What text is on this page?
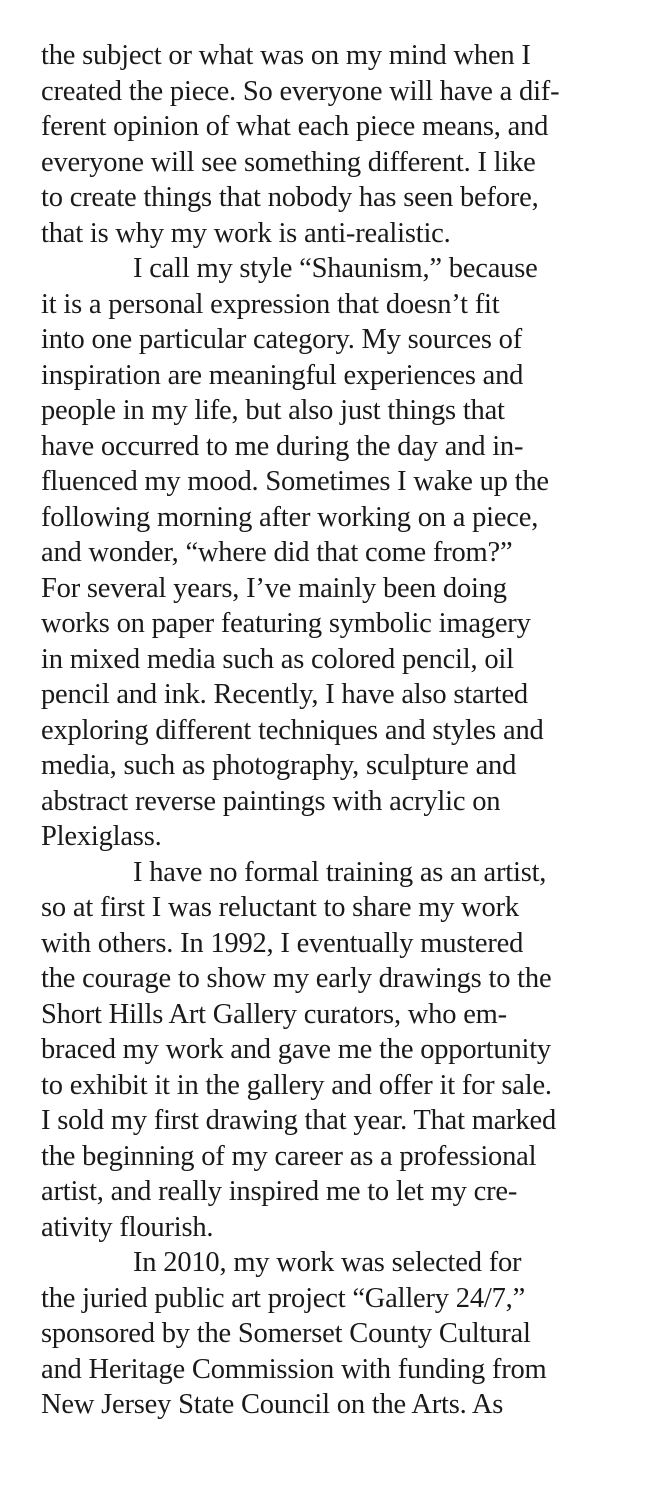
the subject or what was on my mind when I
created the piece. So everyone will have a dif-
ferent opinion of what each piece means, and
everyone will see something different. I like
to create things that nobody has seen before,
that is why my work is anti-realistic.
I call my style “Shaunism,” because
it is a personal expression that doesn’t fit
into one particular category. My sources of
inspiration are meaningful experiences and
people in my life, but also just things that
have occurred to me during the day and in-
fluenced my mood. Sometimes I wake up the
following morning after working on a piece,
and wonder, “where did that come from?”
For several years, I’ve mainly been doing
works on paper featuring symbolic imagery
in mixed media such as colored pencil, oil
pencil and ink. Recently, I have also started
exploring different techniques and styles and
media, such as photography, sculpture and
abstract reverse paintings with acrylic on
Plexiglass.
I have no formal training as an artist,
so at first I was reluctant to share my work
with others. In 1992, I eventually mustered
the courage to show my early drawings to the
Short Hills Art Gallery curators, who em-
braced my work and gave me the opportunity
to exhibit it in the gallery and offer it for sale.
I sold my first drawing that year. That marked
the beginning of my career as a professional
artist, and really inspired me to let my cre-
ativity flourish.
In 2010, my work was selected for
the juried public art project “Gallery 24/7,”
sponsored by the Somerset County Cultural
and Heritage Commission with funding from
New Jersey State Council on the Arts. As
